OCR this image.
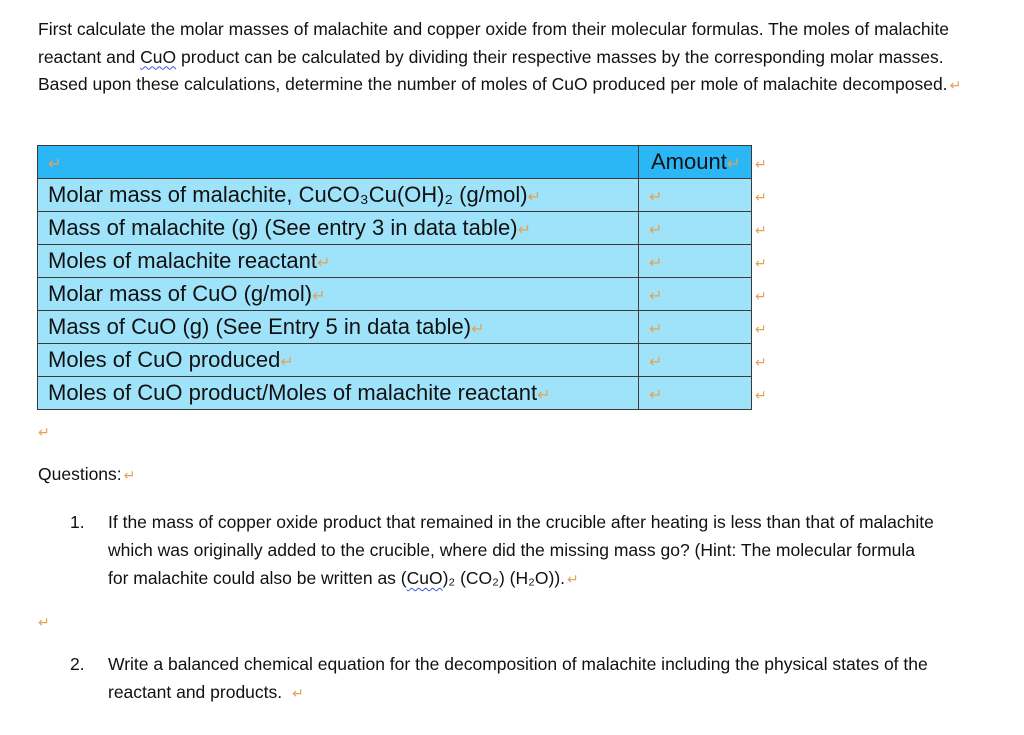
First calculate the molar masses of malachite and copper oxide from their molecular formulas. The moles of malachite reactant and CuO product can be calculated by dividing their respective masses by the corresponding molar masses. Based upon these calculations, determine the number of moles of CuO produced per mole of malachite decomposed. ↵

↵	Amount↵	↵
Molar mass of malachite, CuCO₃Cu(OH)₂ (g/mol)↵	↵	↵
Mass of malachite (g) (See entry 3 in data table)↵	↵	↵
Moles of malachite reactant↵	↵	↵
Molar mass of CuO (g/mol)↵	↵	↵
Mass of CuO (g) (See Entry 5 in data table)↵	↵	↵
Moles of CuO produced↵	↵	↵
Moles of CuO product/Moles of malachite reactant↵	↵	↵
↵

Questions: ↵

1. If the mass of copper oxide product that remained in the crucible after heating is less than that of malachite which was originally added to the crucible, where did the missing mass go? (Hint: The molecular formula for malachite could also be written as (CuO)₂ (CO₂) (H₂O)). ↵
↵
2. Write a balanced chemical equation for the decomposition of malachite including the physical states of the reactant and products. ↵
